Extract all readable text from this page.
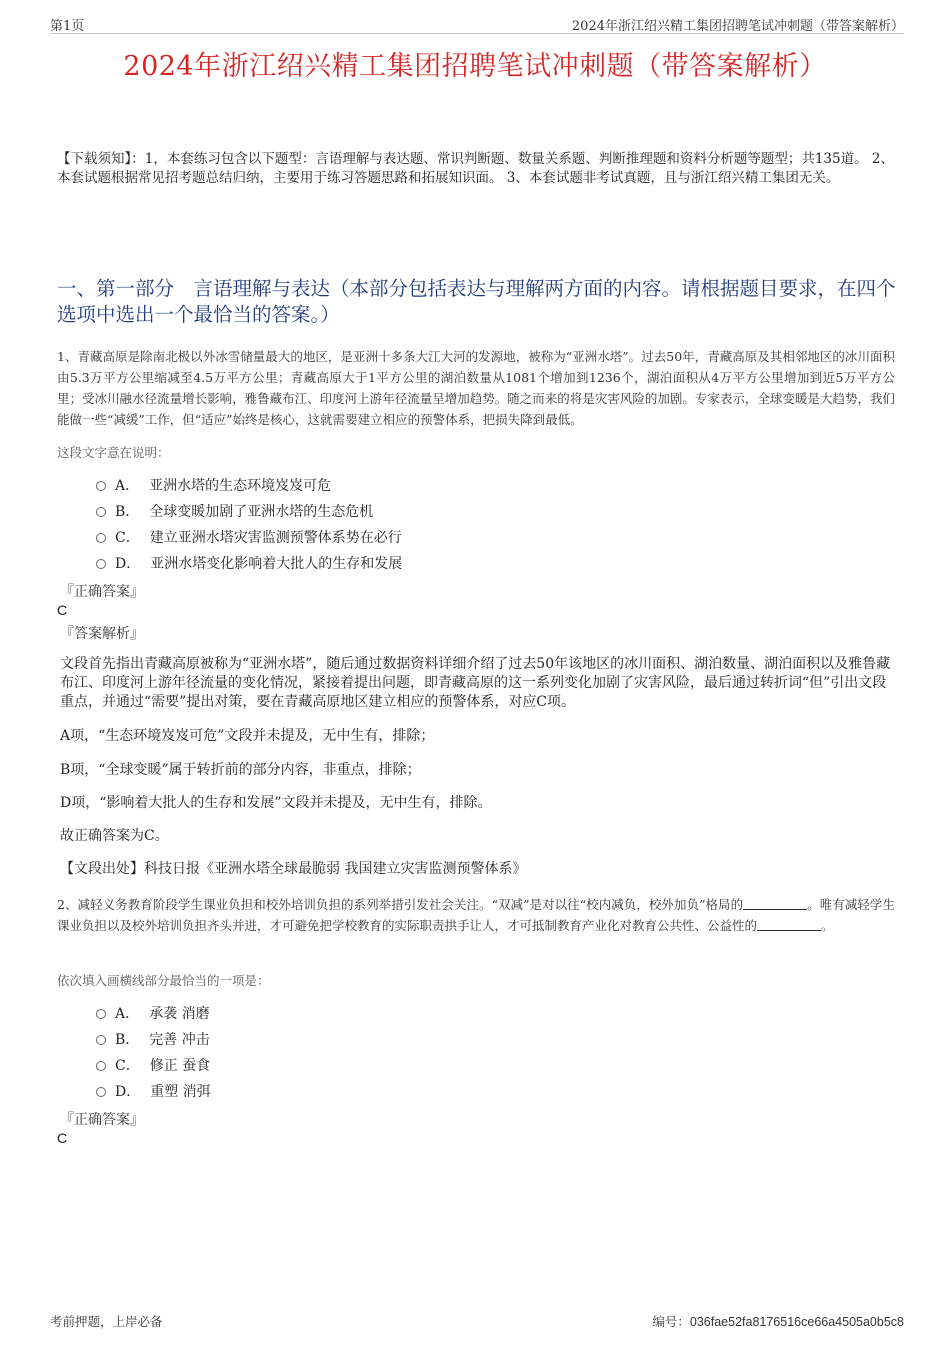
第1页	2024年浙江绍兴精工集团招聘笔试冲刺题（带答案解析）
2024年浙江绍兴精工集团招聘笔试冲刺题（带答案解析）
【下载须知】：1，本套练习包含以下题型：言语理解与表达题、常识判断题、数量关系题、判断推理题和资料分析题等题型；共135道。 2、本套试题根据常见招考题总结归纳，主要用于练习答题思路和拓展知识面。 3、本套试题非考试真题，且与浙江绍兴精工集团无关。
一、第一部分　言语理解与表达（本部分包括表达与理解两方面的内容。请根据题目要求，在四个选项中选出一个最恰当的答案。）
1、青藏高原是除南北极以外冰雪储量最大的地区，是亚洲十多条大江大河的发源地，被称为“亚洲水塔”。过去50年，青藏高原及其相邻地区的冰川面积由5.3万平方公里缩减至4.5万平方公里；青藏高原大于1平方公里的湖泊数量从1081个增加到1236个，湖泊面积从4万平方公里增加到近5万平方公里；受冰川融水径流量增长影响，雅鲁藏布江、印度河上游年径流量呈增加趋势。随之而来的将是灾害风险的加剧。专家表示，全球变暖是大趋势，我们能做一些“减缓”工作，但“适应”始终是核心，这就需要建立相应的预警体系，把损失降到最低。
这段文字意在说明：
A． 亚洲水塔的生态环境岌岌可危
B． 全球变暖加剧了亚洲水塔的生态危机
C． 建立亚洲水塔灾害监测预警体系势在必行
D． 亚洲水塔变化影响着大批人的生存和发展
『正确答案』
C
『答案解析』
文段首先指出青藏高原被称为“亚洲水塔”，随后通过数据资料详细介绍了过去50年该地区的冰川面积、湖泊数量、湖泊面积以及雅鲁藏布江、印度河上游年径流量的变化情况，紧接着提出问题，即青藏高原的这一系列变化加剧了灾害风险，最后通过转折词“但”引出文段重点，并通过“需要”提出对策，要在青藏高原地区建立相应的预警体系，对应C项。
A项，“生态环境岌岌可危”文段并未提及，无中生有，排除；
B项，“全球变暖”属于转折前的部分内容，非重点，排除；
D项，“影响着大批人的生存和发展”文段并未提及，无中生有，排除。
故正确答案为C。
【文段出处】科技日报《亚洲水塔全球最脆弱 我国建立灾害监测预警体系》
2、减轻义务教育阶段学生课业负担和校外培训负担的系列举措引发社会关注。“双减”是对以往“校内减负，校外加负”格局的	。唯有减轻学生课业负担以及校外培训负担齐头并进，才可避免把学校教育的实际职责拱手让人，才可抵制教育产业化对教育公共性、公益性的	。
依次填入画横线部分最恰当的一项是：
A． 承袭 消磨
B． 完善 冲击
C． 修正 蚕食
D． 重塑 消弭
『正确答案』
C
考前押题，上岸必备	编号：036fae52fa8176516ce66a4505a0b5c8
